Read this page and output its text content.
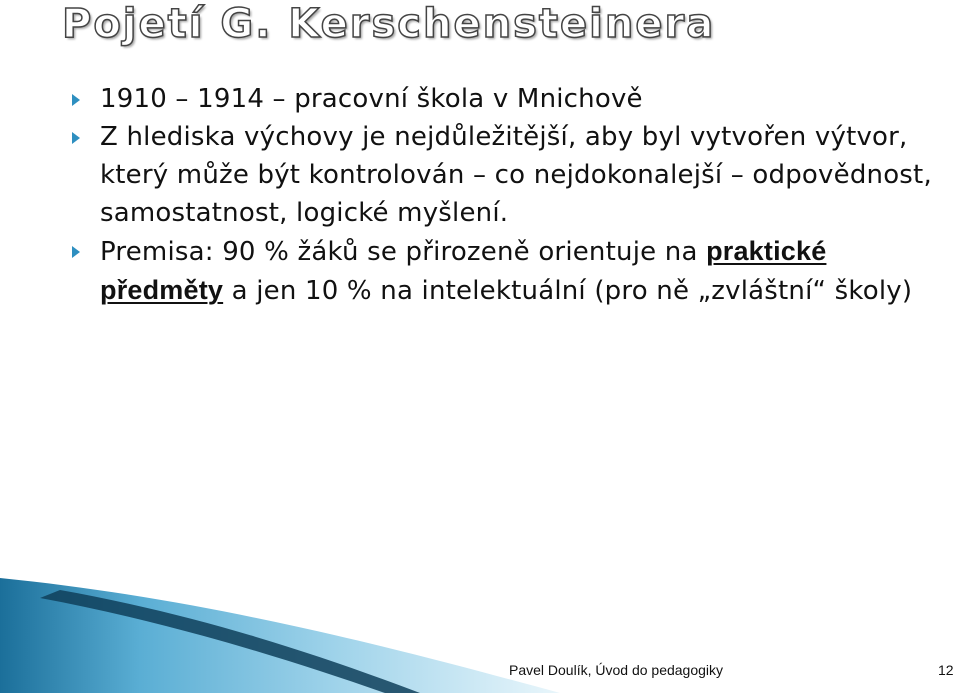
Pojetí G. Kerschensteinera
1910 – 1914 – pracovní škola v Mnichově
Z hlediska výchovy je nejdůležitější, aby byl vytvořen výtvor, který může být kontrolován – co nejdokonalejší – odpovědnost, samostatnost, logické myšlení.
Premisa: 90 % žáků se přirozeně orientuje na praktické předměty a jen 10 % na intelektuální (pro ně „zvláštní“ školy)
Pavel Doulík, Úvod do pedagogiky	12
